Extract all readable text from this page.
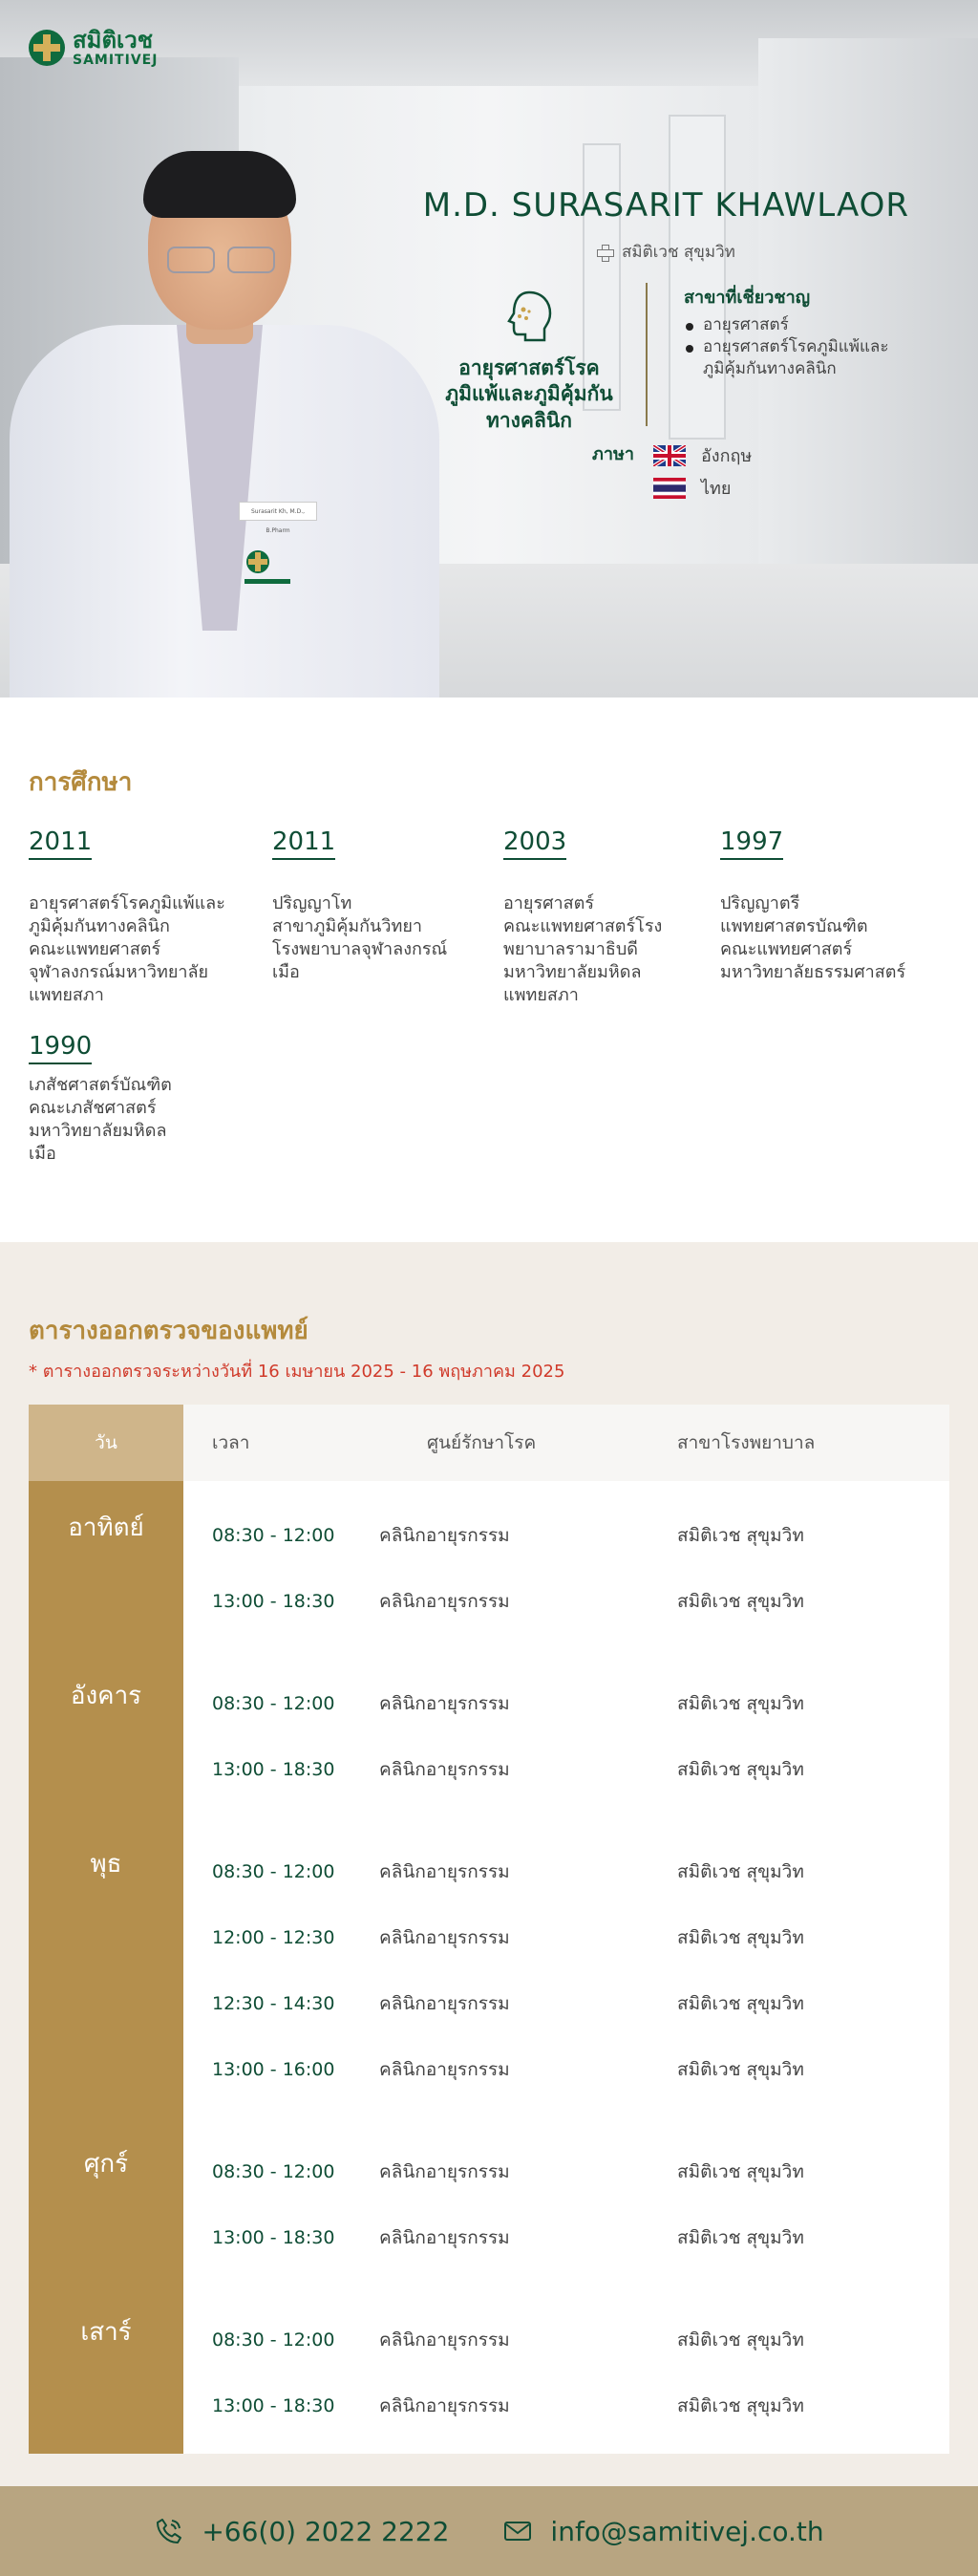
สมิติเวช
SAMITIVEJ
Surasarit Kh, M.D., B.Pharm
M.D. SURASARIT KHAWLAOR
สมิติเวช สุขุมวิท
อายุรศาสตร์โรค
ภูมิแพ้และภูมิคุ้มกัน
ทางคลินิก
สาขาที่เชี่ยวชาญ
อายุรศาสตร์
อายุรศาสตร์โรคภูมิแพ้และภูมิคุ้มกันทางคลินิก
ภาษา	อังกฤษ
ไทย
การศึกษา
2011
อายุรศาสตร์โรคภูมิแพ้และ
ภูมิคุ้มกันทางคลินิก
คณะแพทยศาสตร์
จุฬาลงกรณ์มหาวิทยาลัย
แพทยสภา
2011
ปริญญาโท
สาขาภูมิคุ้มกันวิทยา
โรงพยาบาลจุฬาลงกรณ์
เมือ
2003
อายุรศาสตร์
คณะแพทยศาสตร์โรง
พยาบาลรามาธิบดี
มหาวิทยาลัยมหิดล
แพทยสภา
1997
ปริญญาตรี
แพทยศาสตรบัณฑิต
คณะแพทยศาสตร์
มหาวิทยาลัยธรรมศาสตร์
1990
เภสัชศาสตร์บัณฑิต
คณะเภสัชศาสตร์
มหาวิทยาลัยมหิดล
เมือ
ตารางออกตรวจของแพทย์

* ตารางออกตรวจระหว่างวันที่ 16 เมษายน 2025 - 16 พฤษภาคม 2025

วัน	เวลา	ศูนย์รักษาโรค	สาขาโรงพยาบาล
อาทิตย์	08:30 - 12:00	คลินิกอายุรกรรม	สมิติเวช สุขุมวิท
13:00 - 18:30	คลินิกอายุรกรรม	สมิติเวช สุขุมวิท
อังคาร	08:30 - 12:00	คลินิกอายุรกรรม	สมิติเวช สุขุมวิท
13:00 - 18:30	คลินิกอายุรกรรม	สมิติเวช สุขุมวิท
พุธ	08:30 - 12:00	คลินิกอายุรกรรม	สมิติเวช สุขุมวิท
12:00 - 12:30	คลินิกอายุรกรรม	สมิติเวช สุขุมวิท
12:30 - 14:30	คลินิกอายุรกรรม	สมิติเวช สุขุมวิท
13:00 - 16:00	คลินิกอายุรกรรม	สมิติเวช สุขุมวิท
ศุกร์	08:30 - 12:00	คลินิกอายุรกรรม	สมิติเวช สุขุมวิท
13:00 - 18:30	คลินิกอายุรกรรม	สมิติเวช สุขุมวิท
เสาร์	08:30 - 12:00	คลินิกอายุรกรรม	สมิติเวช สุขุมวิท
13:00 - 18:30	คลินิกอายุรกรรม	สมิติเวช สุขุมวิท
+66(0) 2022 2222	info@samitivej.co.th
